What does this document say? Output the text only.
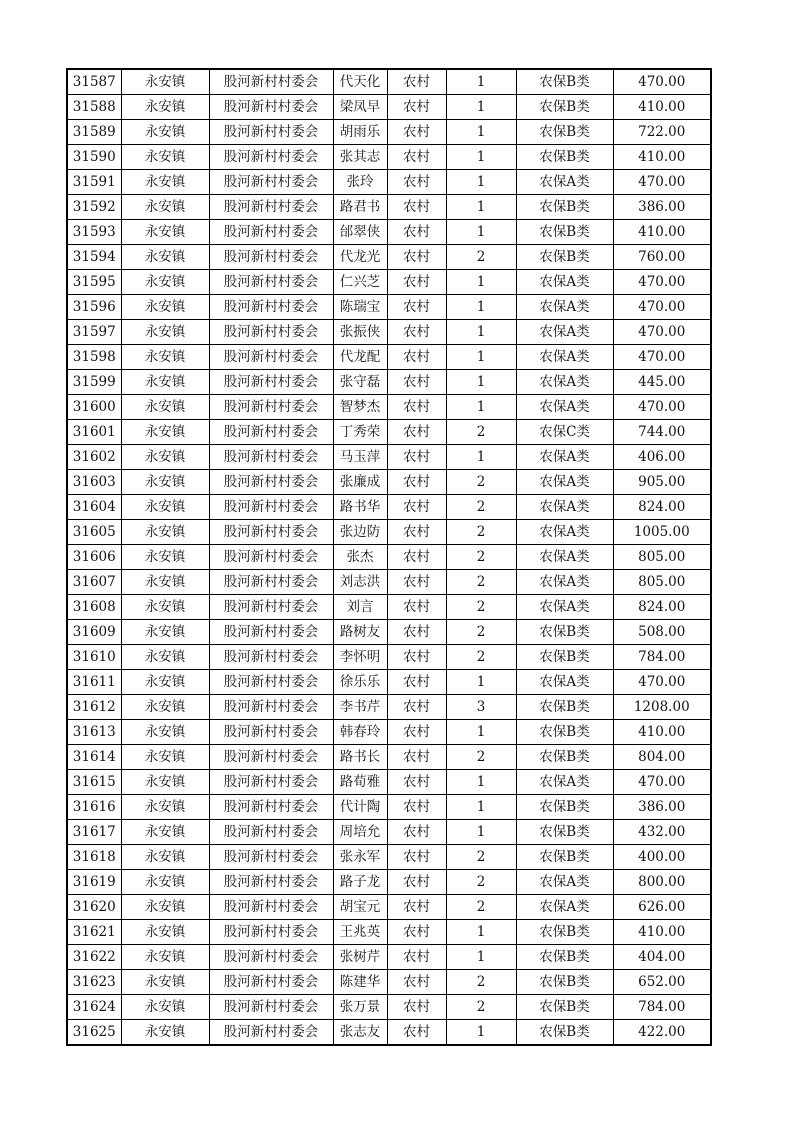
31587	永安镇	股河新村村委会	代天化	农村	1	农保B类	470.00
31588	永安镇	股河新村村委会	梁凤早	农村	1	农保B类	410.00
31589	永安镇	股河新村村委会	胡雨乐	农村	1	农保B类	722.00
31590	永安镇	股河新村村委会	张其志	农村	1	农保B类	410.00
31591	永安镇	股河新村村委会	张玲	农村	1	农保A类	470.00
31592	永安镇	股河新村村委会	路君书	农村	1	农保B类	386.00
31593	永安镇	股河新村村委会	邰翠侠	农村	1	农保B类	410.00
31594	永安镇	股河新村村委会	代龙光	农村	2	农保B类	760.00
31595	永安镇	股河新村村委会	仁兴芝	农村	1	农保A类	470.00
31596	永安镇	股河新村村委会	陈瑞宝	农村	1	农保A类	470.00
31597	永安镇	股河新村村委会	张振侠	农村	1	农保A类	470.00
31598	永安镇	股河新村村委会	代龙配	农村	1	农保A类	470.00
31599	永安镇	股河新村村委会	张守磊	农村	1	农保A类	445.00
31600	永安镇	股河新村村委会	智梦杰	农村	1	农保A类	470.00
31601	永安镇	股河新村村委会	丁秀荣	农村	2	农保C类	744.00
31602	永安镇	股河新村村委会	马玉萍	农村	1	农保A类	406.00
31603	永安镇	股河新村村委会	张廉成	农村	2	农保A类	905.00
31604	永安镇	股河新村村委会	路书华	农村	2	农保A类	824.00
31605	永安镇	股河新村村委会	张边防	农村	2	农保A类	1005.00
31606	永安镇	股河新村村委会	张杰	农村	2	农保A类	805.00
31607	永安镇	股河新村村委会	刘志洪	农村	2	农保A类	805.00
31608	永安镇	股河新村村委会	刘言	农村	2	农保A类	824.00
31609	永安镇	股河新村村委会	路树友	农村	2	农保B类	508.00
31610	永安镇	股河新村村委会	李怀明	农村	2	农保B类	784.00
31611	永安镇	股河新村村委会	徐乐乐	农村	1	农保A类	470.00
31612	永安镇	股河新村村委会	李书芹	农村	3	农保B类	1208.00
31613	永安镇	股河新村村委会	韩春玲	农村	1	农保B类	410.00
31614	永安镇	股河新村村委会	路书长	农村	2	农保B类	804.00
31615	永安镇	股河新村村委会	路荀雅	农村	1	农保A类	470.00
31616	永安镇	股河新村村委会	代计陶	农村	1	农保B类	386.00
31617	永安镇	股河新村村委会	周培允	农村	1	农保B类	432.00
31618	永安镇	股河新村村委会	张永军	农村	2	农保B类	400.00
31619	永安镇	股河新村村委会	路子龙	农村	2	农保A类	800.00
31620	永安镇	股河新村村委会	胡宝元	农村	2	农保A类	626.00
31621	永安镇	股河新村村委会	王兆英	农村	1	农保B类	410.00
31622	永安镇	股河新村村委会	张树芹	农村	1	农保B类	404.00
31623	永安镇	股河新村村委会	陈建华	农村	2	农保B类	652.00
31624	永安镇	股河新村村委会	张万景	农村	2	农保B类	784.00
31625	永安镇	股河新村村委会	张志友	农村	1	农保B类	422.00
